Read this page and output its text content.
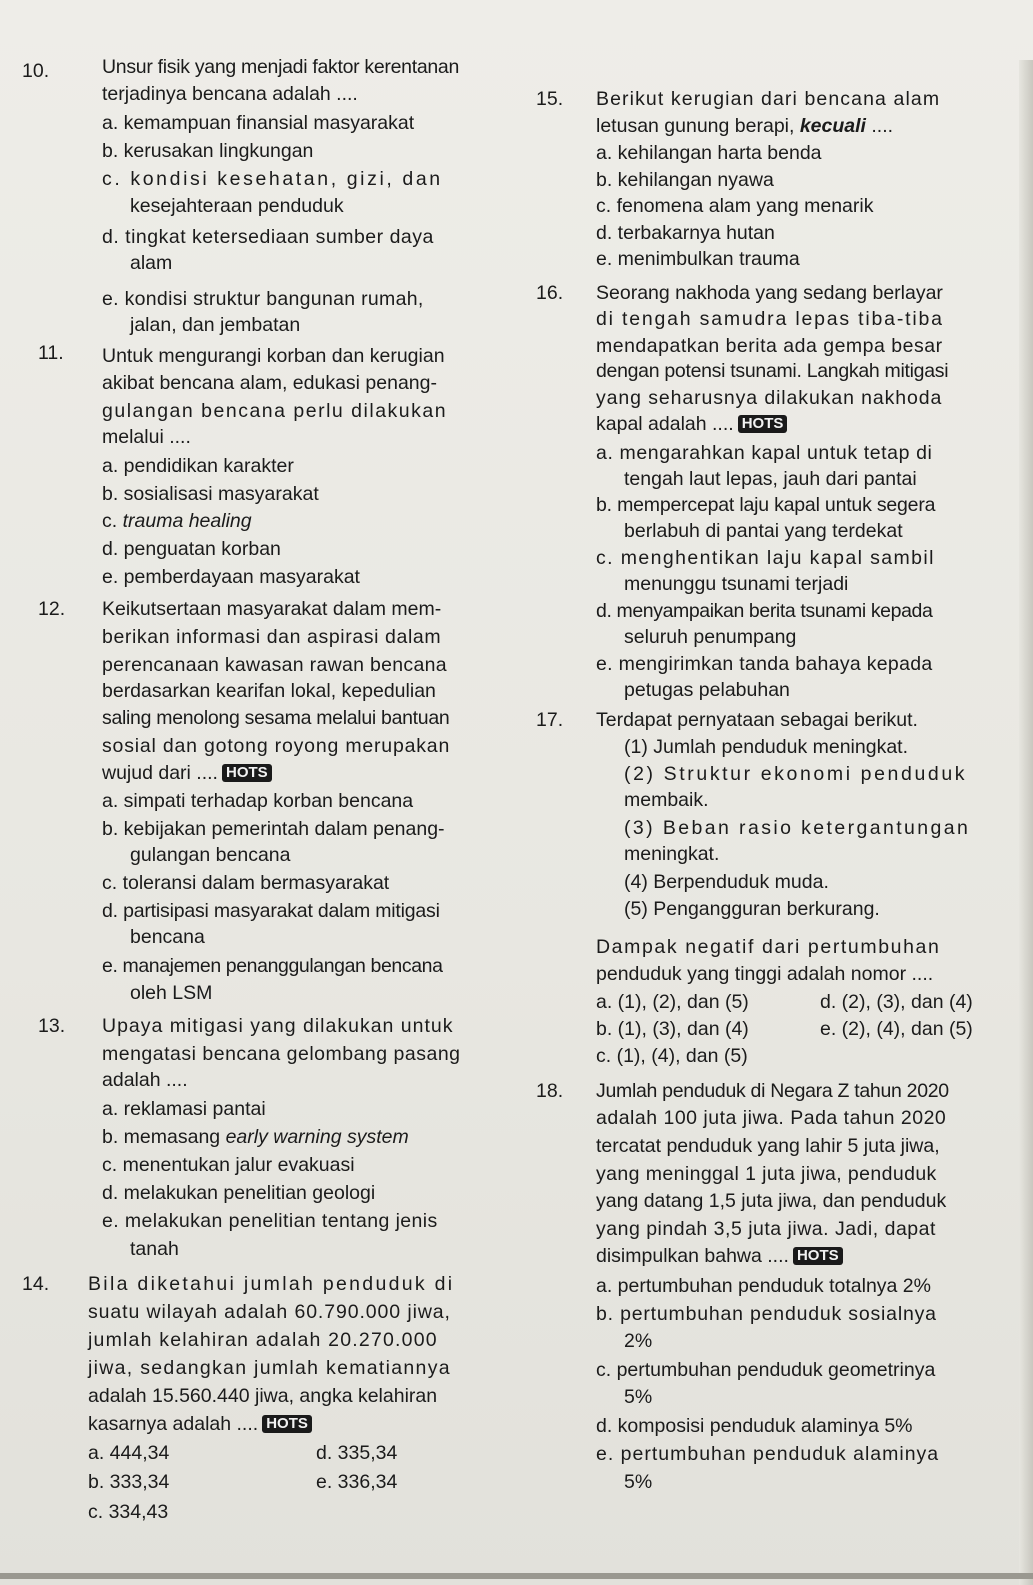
10.	Unsur fisik yang menjadi faktor kerentanan
terjadinya bencana adalah ....
a. kemampuan finansial masyarakat
b. kerusakan lingkungan
c. kondisi kesehatan, gizi, dan
kesejahteraan penduduk
d. tingkat ketersediaan sumber daya
alam
e. kondisi struktur bangunan rumah,
jalan, dan jembatan
11. Untuk mengurangi korban dan kerugian
akibat bencana alam, edukasi penang-
gulangan bencana perlu dilakukan
melalui ....
a. pendidikan karakter
b. sosialisasi masyarakat
c. trauma healing
d. penguatan korban
e. pemberdayaan masyarakat
12. Keikutsertaan masyarakat dalam mem-
berikan informasi dan aspirasi dalam
perencanaan kawasan rawan bencana
berdasarkan kearifan lokal, kepedulian
saling menolong sesama melalui bantuan
sosial dan gotong royong merupakan
wujud dari .... HOTS
a. simpati terhadap korban bencana
b. kebijakan pemerintah dalam penang-
gulangan bencana
c. toleransi dalam bermasyarakat
d. partisipasi masyarakat dalam mitigasi
bencana
e. manajemen penanggulangan bencana
oleh LSM
13. Upaya mitigasi yang dilakukan untuk
mengatasi bencana gelombang pasang
adalah ....
a. reklamasi pantai
b. memasang early warning system
c. menentukan jalur evakuasi
d. melakukan penelitian geologi
e. melakukan penelitian tentang jenis
tanah
14. Bila diketahui jumlah penduduk di
suatu wilayah adalah 60.790.000 jiwa,
jumlah kelahiran adalah 20.270.000
jiwa, sedangkan jumlah kematiannya
adalah 15.560.440 jiwa, angka kelahiran
kasarnya adalah .... HOTS
a. 444,34	d. 335,34
b. 333,34	e. 336,34
c. 334,43
15. Berikut kerugian dari bencana alam
letusan gunung berapi, kecuali ....
a. kehilangan harta benda
b. kehilangan nyawa
c. fenomena alam yang menarik
d. terbakarnya hutan
e. menimbulkan trauma
16. Seorang nakhoda yang sedang berlayar
di tengah samudra lepas tiba-tiba
mendapatkan berita ada gempa besar
dengan potensi tsunami. Langkah mitigasi
yang seharusnya dilakukan nakhoda
kapal adalah .... HOTS
a. mengarahkan kapal untuk tetap di
tengah laut lepas, jauh dari pantai
b. mempercepat laju kapal untuk segera
berlabuh di pantai yang terdekat
c. menghentikan laju kapal sambil
menunggu tsunami terjadi
d. menyampaikan berita tsunami kepada
seluruh penumpang
e. mengirimkan tanda bahaya kepada
petugas pelabuhan
17. Terdapat pernyataan sebagai berikut.
(1) Jumlah penduduk meningkat.
(2) Struktur ekonomi penduduk
membaik.
(3) Beban rasio ketergantungan
meningkat.
(4) Berpenduduk muda.
(5) Pengangguran berkurang.
Dampak negatif dari pertumbuhan
penduduk yang tinggi adalah nomor ....
a. (1), (2), dan (5)	d. (2), (3), dan (4)
b. (1), (3), dan (4)	e. (2), (4), dan (5)
c. (1), (4), dan (5)
18. Jumlah penduduk di Negara Z tahun 2020
adalah 100 juta jiwa. Pada tahun 2020
tercatat penduduk yang lahir 5 juta jiwa,
yang meninggal 1 juta jiwa, penduduk
yang datang 1,5 juta jiwa, dan penduduk
yang pindah 3,5 juta jiwa. Jadi, dapat
disimpulkan bahwa .... HOTS
a. pertumbuhan penduduk totalnya 2%
b. pertumbuhan penduduk sosialnya
2%
c. pertumbuhan penduduk geometrinya
5%
d. komposisi penduduk alaminya 5%
e. pertumbuhan penduduk alaminya
5%
